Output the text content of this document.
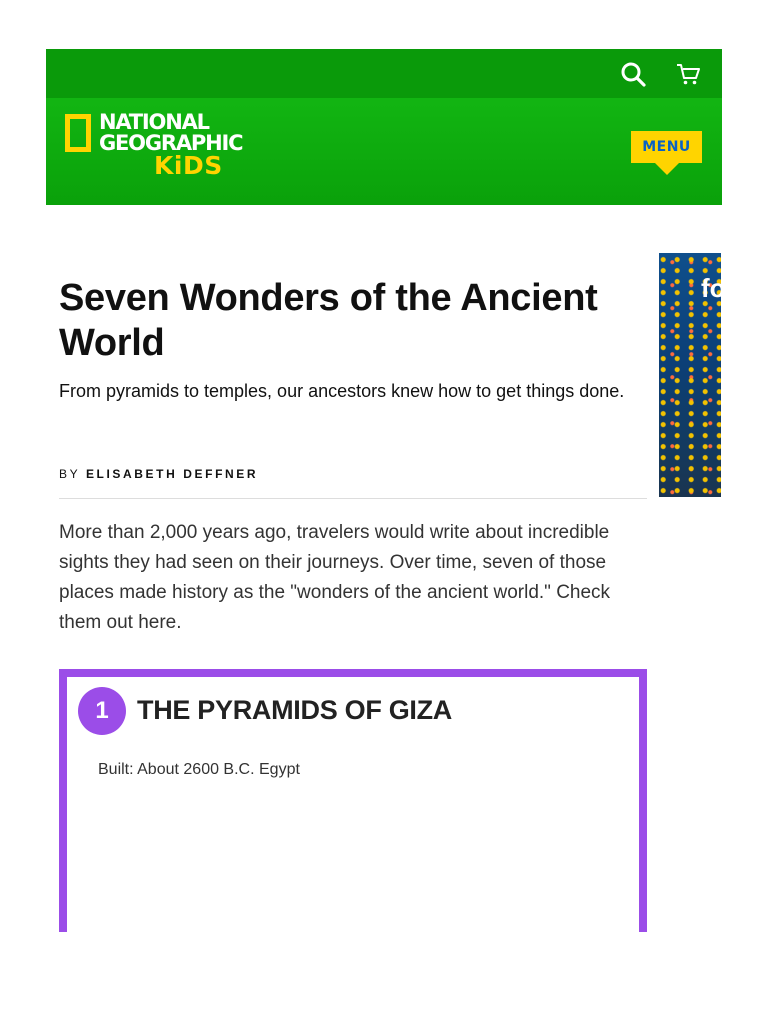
NATIONAL
GEOGRAPHIC
KiDS
MENU
fo
Seven Wonders of the Ancient World

From pyramids to temples, our ancestors knew how to get things done.

BY ELISABETH DEFFNER

More than 2,000 years ago, travelers would write about incredible sights they had seen on their journeys. Over time, seven of those places made history as the "wonders of the ancient world." Check them out here.

1	THE PYRAMIDS OF GIZA
Built: About 2600 B.C. Egypt
